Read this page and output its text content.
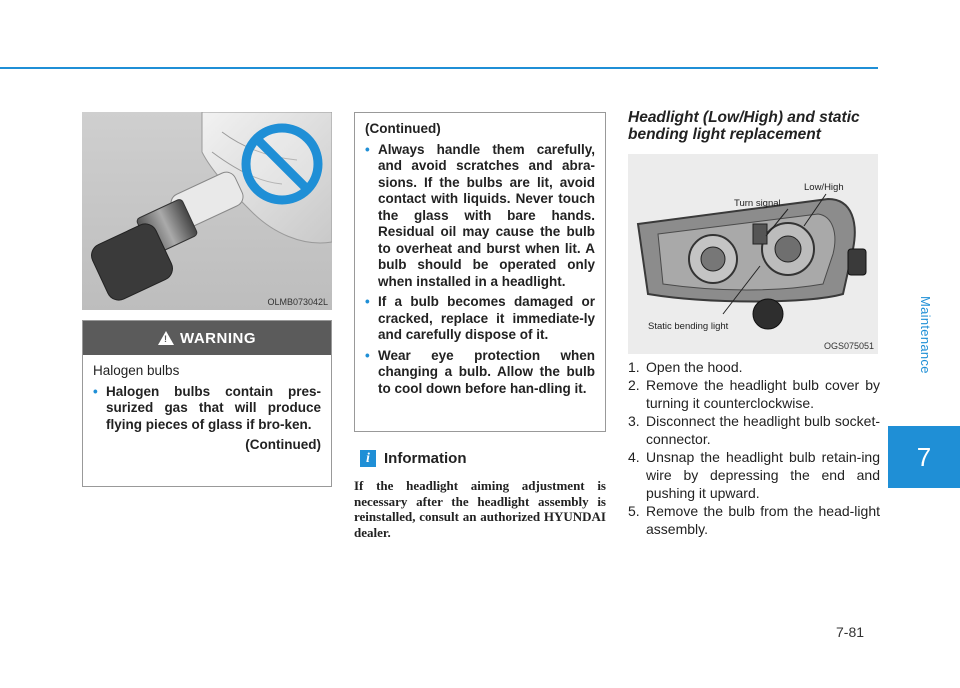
Maintenance
7
7-81
OLMB073042L
! WARNING
Halogen bulbs
• Halogen bulbs contain pres-surized gas that will produce flying pieces of glass if bro-ken.
(Continued)
(Continued)
• Always handle them carefully, and avoid scratches and abra-sions. If the bulbs are lit, avoid contact with liquids. Never touch the glass with bare hands. Residual oil may cause the bulb to overheat and burst when lit. A bulb should be operated only when installed in a headlight.
• If a bulb becomes damaged or cracked, replace it immediate-ly and carefully dispose of it.
• Wear eye protection when changing a bulb. Allow the bulb to cool down before han-dling it.
i Information
If the headlight aiming adjustment is necessary after the headlight assembly is reinstalled, consult an authorized HYUNDAI dealer.
Headlight (Low/High) and static bending light replacement
Low/High
Turn signal
Static bending light
OGS075051
1. Open the hood.
2. Remove the headlight bulb cover by turning it counterclockwise.
3. Disconnect the headlight bulb socket-connector.
4. Unsnap the headlight bulb retain-ing wire by depressing the end and pushing it upward.
5. Remove the bulb from the head-light assembly.
